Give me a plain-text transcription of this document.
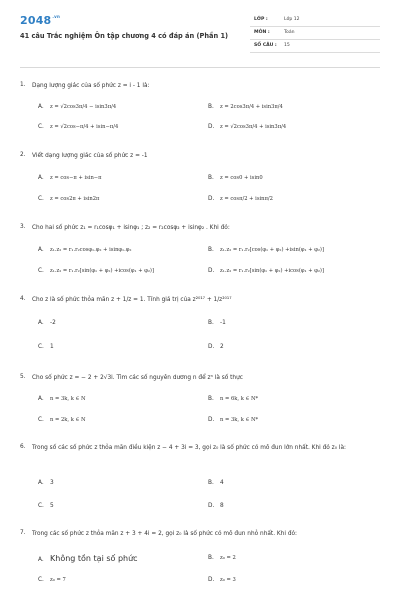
$2048^{.vn}$
41 câu Trắc nghiệm Ôn tập chương 4 có đáp án (Phần 1)
LỚP :	Lớp 12
MÔN :	Toán
SỐ CÂU : 15
1. Dạng lượng giác của số phức z = i - 1 là:
A. z = √2cos3π/4 − isin3π/4	B. z = 2cos3π/4 + isin3π/4
C. z = √2cos−π/4 + isin−π/4	D. z = √2cos3π/4 + isin3π/4
2. Viết dạng lượng giác của số phức z = -1
A. z = cos−π + isin−π	B. z = cos0 + isin0
C. z = cos2π + isin2π	D. z = cosπ/2 + isinπ/2
3. Cho hai số phức z₁ = r₁cosφ₁ + isinφ₁ ; z₂ = r₂cosφ₂ + isinφ₂ . Khi đó:
A. z₁.z₂ = r₁.r₂cosφ₁.φ₂ + isinφ₁.φ₂	B. z₁.z₂ = r₁.r₂[cos(φ₁ + φ₂) +isin(φ₁ + φ₂)]
C. z₁.z₂ = r₁.r₂[sin(φ₁ + φ₂) +icos(φ₁ + φ₂)]	D. z₁.z₂ = r₁.r₂[sin(φ₁ + φ₂) +icos(φ₁ + φ₂)]
4. Cho z là số phức thỏa mãn z + 1/z = 1. Tính giá trị của z²⁰¹⁷ + 1/z²⁰¹⁷
A. -2	B. -1
C. 1	D. 2
5. Cho số phức z = − 2 + 2√3i. Tìm các số nguyên dương n để zⁿ là số thực
A. n = 3k, k ∈ N	B. n = 6k, k ∈ N*
C. n = 2k, k ∈ N	D. n = 3k, k ∈ N*
6. Trong số các số phức z thỏa mãn điều kiện z − 4 + 3i = 3, gọi z₀ là số phức có mô đun lớn nhất. Khi đó z₀ là:
A. 3	B. 4
C. 5	D. 8
7. Trong các số phức z thỏa mãn z + 3 + 4i = 2, gọi z₀ là số phức có mô đun nhỏ nhất. Khi đó:
A. Không tồn tại số phức	B. z₀ = 2
C. z₀ = 7	D. z₀ = 3
